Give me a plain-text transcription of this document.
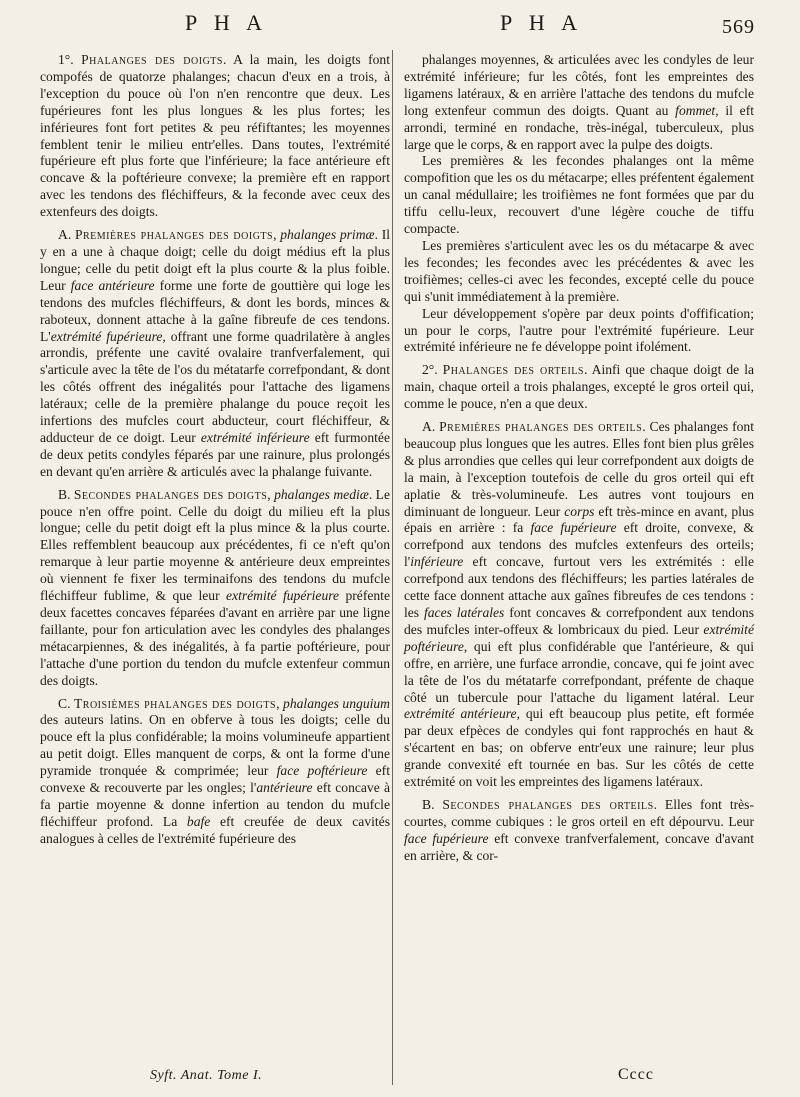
P H A	P H A	569

1°. Phalanges des doigts. A la main, les doigts font compofés de quatorze phalanges; chacun d'eux en a trois, à l'exception du pouce où l'on n'en rencontre que deux. Les fupérieures font les plus longues & les plus fortes; les inférieures font fort petites & peu réfiftantes; les moyennes femblent tenir le milieu entr'elles. Dans toutes, l'extrémité fupérieure eft plus forte que l'inférieure; la face antérieure eft concave & la poftérieure convexe; la première eft en rapport avec les tendons des fléchiffeurs, & la feconde avec ceux des extenfeurs des doigts.

A. Premières phalanges des doigts, phalanges primæ. Il y en a une à chaque doigt; celle du doigt médius eft la plus longue; celle du petit doigt eft la plus courte & la plus foible. Leur face antérieure forme une forte de gouttière qui loge les tendons des mufcles fléchiffeurs, & dont les bords, minces & raboteux, donnent attache à la gaîne fibreufe de ces tendons. L'extrémité fupérieure, offrant une forme quadrilatère à angles arrondis, préfente une cavité ovalaire tranfverfalement, qui s'articule avec la tête de l'os du métatarfe correfpondant, & dont les côtés offrent des inégalités pour l'attache des ligamens latéraux; celle de la première phalange du pouce reçoit les infertions des mufcles court abducteur, court fléchiffeur, & adducteur de ce doigt. Leur extrémité inférieure eft furmontée de deux petits condyles féparés par une rainure, plus prolongés en devant qu'en arrière & articulés avec la phalange fuivante.

B. Secondes phalanges des doigts, phalanges mediæ. Le pouce n'en offre point. Celle du doigt du milieu eft la plus longue; celle du petit doigt eft la plus mince & la plus courte. Elles reffemblent beaucoup aux précédentes, fi ce n'eft qu'on remarque à leur partie moyenne & antérieure deux empreintes où viennent fe fixer les terminaifons des tendons du mufcle fléchiffeur fublime, & que leur extrémité fupérieure préfente deux facettes concaves féparées d'avant en arrière par une ligne faillante, pour fon articulation avec les condyles des phalanges métacarpiennes, & des inégalités, à fa partie poftérieure, pour l'attache d'une portion du tendon du mufcle extenfeur commun des doigts.

C. Troisièmes phalanges des doigts, phalanges unguium des auteurs latins. On en obferve à tous les doigts; celle du pouce eft la plus confidérable; la moins volumineufe appartient au petit doigt. Elles manquent de corps, & ont la forme d'une pyramide tronquée & comprimée; leur face poftérieure eft convexe & recouverte par les ongles; l'antérieure eft concave à fa partie moyenne & donne infertion au tendon du mufcle fléchiffeur profond. La bafe eft creufée de deux cavités analogues à celles de l'extrémité fupérieure des

phalanges moyennes, & articulées avec les condyles de leur extrémité inférieure; fur les côtés, font les empreintes des ligamens latéraux, & en arrière l'attache des tendons du mufcle long extenfeur commun des doigts. Quant au fommet, il eft arrondi, terminé en rondache, très-inégal, tuberculeux, plus large que le corps, & en rapport avec la pulpe des doigts.

Les premières & les fecondes phalanges ont la même compofition que les os du métacarpe; elles préfentent également un canal médullaire; les troifièmes ne font formées que par du tiffu cellu-leux, recouvert d'une légère couche de tiffu compacte.

Les premières s'articulent avec les os du métacarpe & avec les fecondes; les fecondes avec les précédentes & avec les troifièmes; celles-ci avec les fecondes, excepté celle du pouce qui s'unit immédiatement à la première.

Leur développement s'opère par deux points d'offification; un pour le corps, l'autre pour l'extrémité fupérieure. Leur extrémité inférieure ne fe développe point ifolément.

2°. Phalanges des orteils. Ainfi que chaque doigt de la main, chaque orteil a trois phalanges, excepté le gros orteil qui, comme le pouce, n'en a que deux.

A. Premières phalanges des orteils. Ces phalanges font beaucoup plus longues que les autres. Elles font bien plus grêles & plus arrondies que celles qui leur correfpondent aux doigts de la main, à l'exception toutefois de celle du gros orteil qui eft aplatie & très-volumineufe. Les autres vont toujours en diminuant de longueur. Leur corps eft très-mince en avant, plus épais en arrière : fa face fupérieure eft droite, convexe, & correfpond aux tendons des mufcles extenfeurs des orteils; l'inférieure eft concave, furtout vers les extrémités : elle correfpond aux tendons des fléchiffeurs; les parties latérales de cette face donnent attache aux gaînes fibreufes de ces tendons : les faces latérales font concaves & correfpondent aux tendons des mufcles inter-offeux & lombricaux du pied. Leur extrémité poftérieure, qui eft plus confidérable que l'antérieure, & qui offre, en arrière, une furface arrondie, concave, qui fe joint avec la tête de l'os du métatarfe correfpondant, préfente de chaque côté un tubercule pour l'attache du ligament latéral. Leur extrémité antérieure, qui eft beaucoup plus petite, eft formée par deux efpèces de condyles qui font rapprochés en haut & s'écartent en bas; on obferve entr'eux une rainure; leur plus grande convexité eft tournée en bas. Sur les côtés de cette extrémité on voit les empreintes des ligamens latéraux.

B. Secondes phalanges des orteils. Elles font très-courtes, comme cubiques : le gros orteil en eft dépourvu. Leur face fupérieure eft convexe tranfverfalement, concave d'avant en arrière, & cor-

Syft. Anat. Tome I.	Cccc
